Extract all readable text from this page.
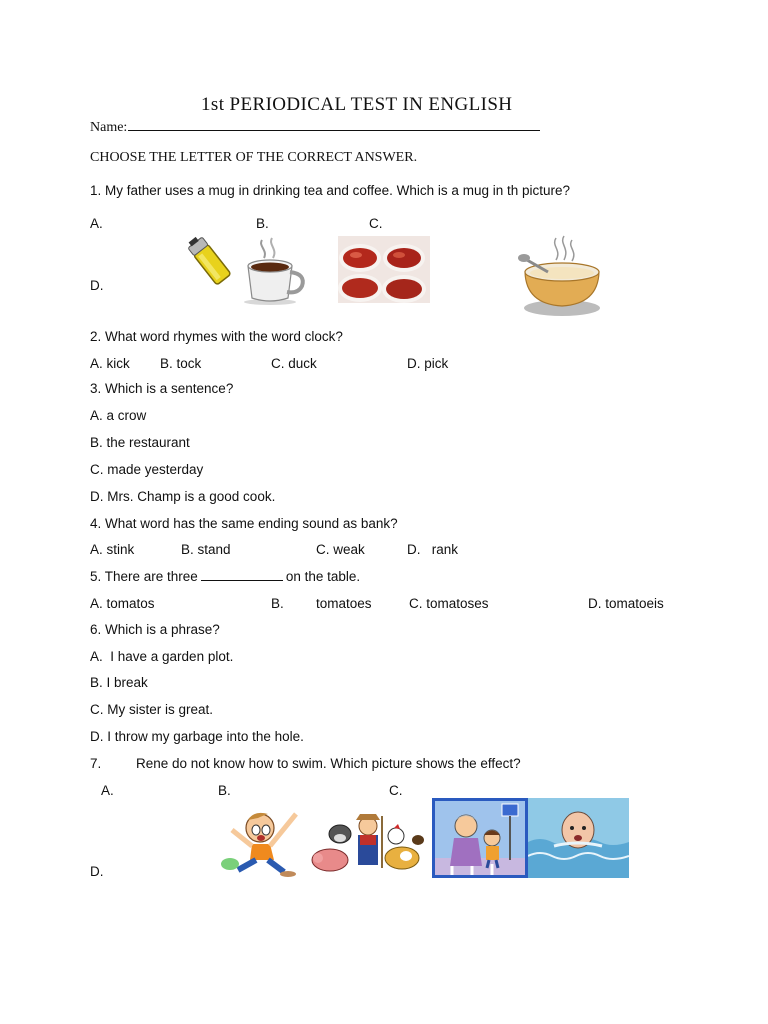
1st PERIODICAL TEST IN ENGLISH
Name:
CHOOSE THE LETTER OF THE CORRECT ANSWER.
1. My father uses a mug in drinking tea and coffee. Which is a mug in th picture?
A.	B.	C.
D.
2. What word rhymes with the word clock?
A. kick B. tock	C. duck	D. pick
3. Which is a sentence?
A. a crow
B. the restaurant
C. made yesterday
D. Mrs. Champ is a good cook.
4. What word has the same ending sound as bank?
A. stink	B. stand	C. weak	D.   rank
5. There are three	on the table.
A. tomatos	B. tomatoes	C. tomatoses	D. tomatoeis
6. Which is a phrase?
A.  I have a garden plot.
B. I break
C. My sister is great.
D. I throw my garbage into the hole.
7.	Rene do not know how to swim. Which picture shows the effect?
A.	B.	C.
D.
